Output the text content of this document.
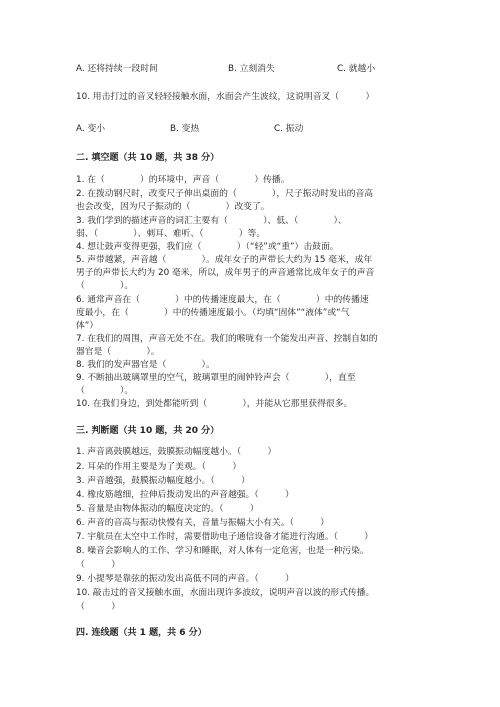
A. 还将持续一段时间	B. 立刻消失	C. 就越小
10. 用击打过的音叉轻轻接触水面，水面会产生波纹，这说明音叉（　　　）
A. 变小	B. 变热	C. 振动
二. 填空题（共 10 题，共 38 分）
1. 在（　　　　）的环境中，声音（　　　　）传播。
2. 在拨动钢尺时，改变尺子伸出桌面的（　　　　），尺子振动时发出的音高
也会改变，因为尺子振动的（　　　　）改变了。
3. 我们学到的描述声音的词汇主要有（　　　　）、低、（　　　　）、
弱、（　　　　）、刺耳、难听、（　　　　）等。
4. 想让鼓声变得更强，我们应（　　　　）（“轻”或“重”）击鼓面。
5. 声带越紧，声音越（　　　　）。成年女子的声带长大约为 15 毫米，成年
男子的声带长大约为 20 毫米，所以，成年男子的声音通常比成年女子的声音
（　　　　）。
6. 通常声音在（　　　　）中的传播速度最大，在（　　　　）中的传播速
度最小，在（　　　　）中的传播速度最小。（均填“固体”“液体”或“气
体”）
7. 在我们的周围，声音无处不在。我们的喉咙有一个能发出声音、控制自如的
器官是（　　　　）。
8. 我们的发声器官是（　　　　）。
9. 不断抽出玻璃罩里的空气，玻璃罩里的闹钟铃声会（　　　　），直至
（　　　　）。
10. 在我们身边，到处都能听到（　　　　），并能从它那里获得很多。
三. 判断题（共 10 题，共 20 分）
1. 声音离鼓膜越远，鼓膜振动幅度越小。（　　　）
2. 耳朵的作用主要是为了美观。（　　　）
3. 声音越强，鼓膜振动幅度越小。（　　　）
4. 橡皮筋越细，拉伸后拨动发出的声音越强。（　　　）
5. 音量是由物体振动的幅度决定的。（　　　）
6. 声音的音高与振动快慢有关，音量与振幅大小有关。（　　　）
7. 宇航员在太空中工作时，需要借助电子通信设备才能进行沟通。（　　　）
8. 噪音会影响人的工作、学习和睡眠，对人体有一定危害，也是一种污染。
（　　　）
9. 小提琴是靠弦的振动发出高低不同的声音。（　　　）
10. 敲击过的音叉接触水面，水面出现许多波纹，说明声音以波的形式传播。
（　　　）
四. 连线题（共 1 题，共 6 分）
